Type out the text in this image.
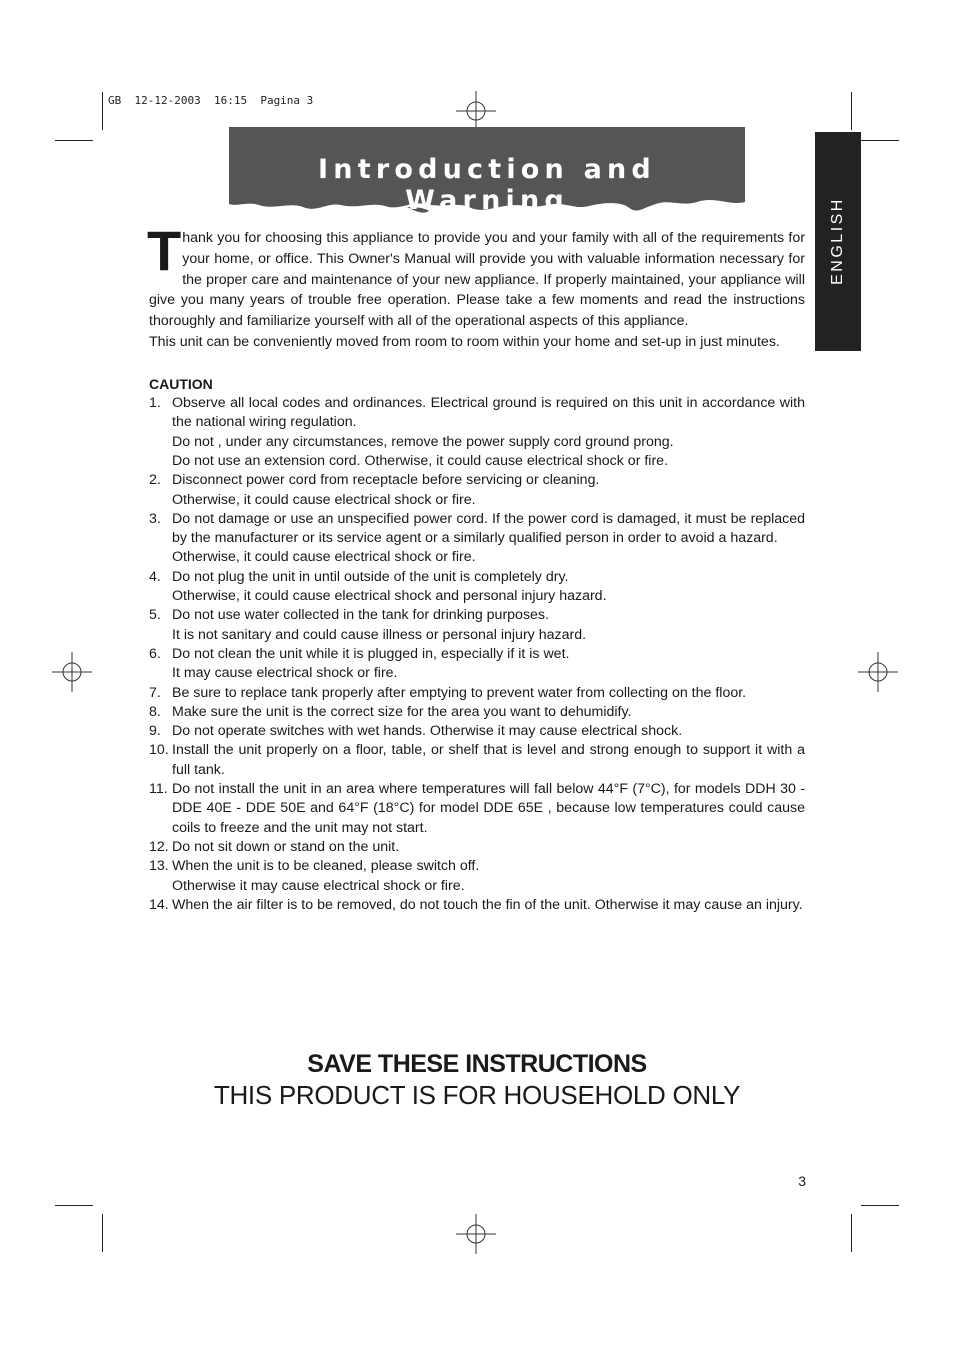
GB  12-12-2003  16:15  Pagina 3
Introduction and Warning	ENGLISH

Thank you for choosing this appliance to provide you and your family with all of the requirements for your home, or office. This Owner's Manual will provide you with valuable information necessary for the proper care and maintenance of your new appliance. If properly maintained, your appliance will give you many years of trouble free operation. Please take a few moments and read the instructions thoroughly and familiarize yourself with all of the operational aspects of this appliance.

This unit can be conveniently moved from room to room within your home and set-up in just minutes.

CAUTION
1. Observe all local codes and ordinances. Electrical ground is required on this unit in accordance with the national wiring regulation.
Do not , under any circumstances, remove the power supply cord ground prong.
Do not use an extension cord. Otherwise, it could cause electrical shock or fire.
2. Disconnect power cord from receptacle before servicing or cleaning.
Otherwise, it could cause electrical shock or fire.
3. Do not damage or use an unspecified power cord. If the power cord is damaged, it must be replaced by the manufacturer or its service agent or a similarly qualified person in order to avoid a hazard.
Otherwise, it could cause electrical shock or fire.
4. Do not plug the unit in until outside of the unit is completely dry.
Otherwise, it could cause electrical shock and personal injury hazard.
5. Do not use water collected in the tank for drinking purposes.
It is not sanitary and could cause illness or personal injury hazard.
6. Do not clean the unit while it is plugged in, especially if it is wet.
It may cause electrical shock or fire.
7. Be sure to replace tank properly after emptying to prevent water from collecting on the floor.
8. Make sure the unit is the correct size for the area you want to dehumidify.
9. Do not operate switches with wet hands. Otherwise it may cause electrical shock.
10. Install the unit properly on a floor, table, or shelf that is level and strong enough to support it with a full tank.
11. Do not install the unit in an area where temperatures will fall below 44°F (7°C), for models DDH 30 - DDE 40E - DDE 50E and 64°F (18°C) for model DDE 65E , because low temperatures could cause coils to freeze and the unit may not start.
12. Do not sit down or stand on the unit.
13. When the unit is to be cleaned, please switch off.
Otherwise it may cause electrical shock or fire.
14. When the air filter is to be removed, do not touch the fin of the unit. Otherwise it may cause an injury.
SAVE THESE INSTRUCTIONS
THIS PRODUCT IS FOR HOUSEHOLD ONLY
3
